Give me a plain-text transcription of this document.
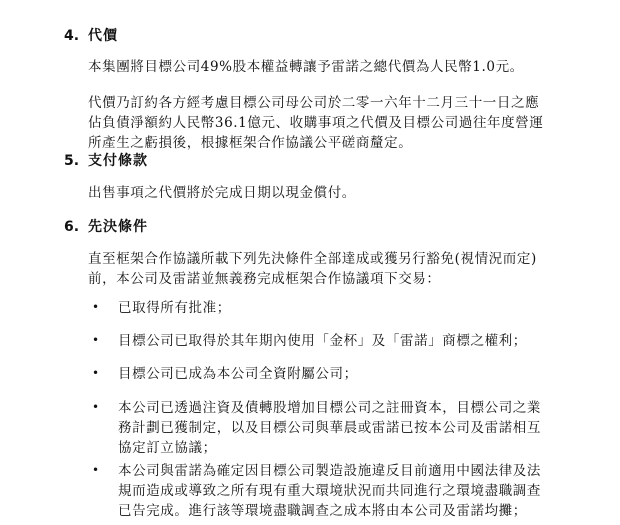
4. 代價
本集團將目標公司49%股本權益轉讓予雷諾之總代價為人民幣1.0元。
代價乃訂約各方經考慮目標公司母公司於二零一六年十二月三十一日之應佔負債淨額約人民幣36.1億元、收購事項之代價及目標公司過往年度營運所產生之虧損後，根據框架合作協議公平磋商釐定。
5. 支付條款
出售事項之代價將於完成日期以現金償付。
6. 先決條件
直至框架合作協議所載下列先決條件全部達成或獲另行豁免(視情況而定)前，本公司及雷諾並無義務完成框架合作協議項下交易：
• 已取得所有批准；
• 目標公司已取得於其年期內使用「金杯」及「雷諾」商標之權利；
• 目標公司已成為本公司全資附屬公司；
• 本公司已透過注資及債轉股增加目標公司之註冊資本，目標公司之業務計劃已獲制定，以及目標公司與華晨或雷諾已按本公司及雷諾相互協定訂立協議；
• 本公司與雷諾為確定因目標公司製造設施違反目前適用中國法律及法規而造成或導致之所有現有重大環境狀況而共同進行之環境盡職調查已告完成。進行該等環境盡職調查之成本將由本公司及雷諾均攤；
